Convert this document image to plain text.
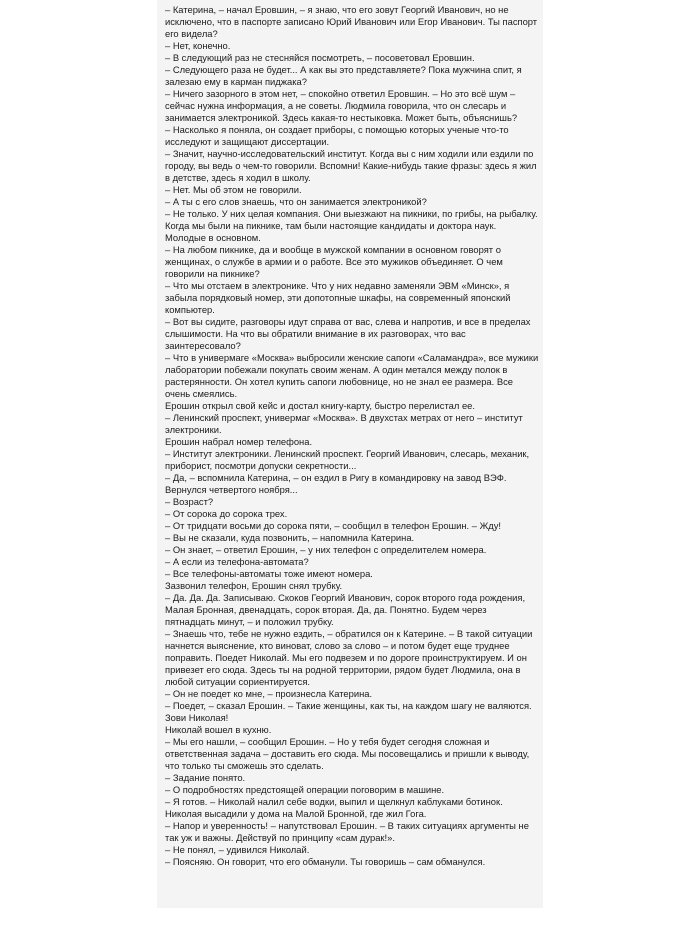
– Катерина, – начал Еровшин, – я знаю, что его зовут Георгий Иванович, но не исключено, что в паспорте записано Юрий Иванович или Егор Иванович. Ты паспорт его видела?

– Нет, конечно.

– В следующий раз не стесняйся посмотреть, – посоветовал Еровшин.

– Следующего раза не будет... А как вы это представляете? Пока мужчина спит, я залезаю ему в карман пиджака?

– Ничего зазорного в этом нет, – спокойно ответил Еровшин. – Но это всё шум – сейчас нужна информация, а не советы. Людмила говорила, что он слесарь и занимается электроникой. Здесь какая-то нестыковка. Может быть, объяснишь?

– Насколько я поняла, он создает приборы, с помощью которых ученые что-то исследуют и защищают диссертации.

– Значит, научно-исследовательский институт. Когда вы с ним ходили или ездили по городу, вы ведь о чем-то говорили. Вспомни! Какие-нибудь такие фразы: здесь я жил в детстве, здесь я ходил в школу.

– Нет. Мы об этом не говорили.

– А ты с его слов знаешь, что он занимается электроникой?

– Не только. У них целая компания. Они выезжают на пикники, по грибы, на рыбалку. Когда мы были на пикнике, там были настоящие кандидаты и доктора наук. Молодые в основном.

– На любом пикнике, да и вообще в мужской компании в основном говорят о женщинах, о службе в армии и о работе. Все это мужиков объединяет. О чем говорили на пикнике?

– Что мы отстаем в электронике. Что у них недавно заменяли ЭВМ «Минск», я забыла порядковый номер, эти допотопные шкафы, на современный японский компьютер.

– Вот вы сидите, разговоры идут справа от вас, слева и напротив, и все в пределах слышимости. На что вы обратили внимание в их разговорах, что вас заинтересовало?

– Что в универмаге «Москва» выбросили женские сапоги «Саламандра», все мужики лаборатории побежали покупать своим женам. А один метался между полок в растерянности. Он хотел купить сапоги любовнице, но не знал ее размера. Все очень смеялись.

Ерошин открыл свой кейс и достал книгу-карту, быстро перелистал ее.

– Ленинский проспект, универмаг «Москва». В двухстах метрах от него – институт электроники.

Ерошин набрал номер телефона.

– Институт электроники. Ленинский проспект. Георгий Иванович, слесарь, механик, приборист, посмотри допуски секретности...

– Да, – вспомнила Катерина, – он ездил в Ригу в командировку на завод ВЭФ. Вернулся четвертого ноября...

– Возраст?

– От сорока до сорока трех.

– От тридцати восьми до сорока пяти, – сообщил в телефон Ерошин. – Жду!

– Вы не сказали, куда позвонить, – напомнила Катерина.

– Он знает, – ответил Ерошин, – у них телефон с определителем номера.

– А если из телефона-автомата?

– Все телефоны-автоматы тоже имеют номера.

Зазвонил телефон, Ерошин снял трубку.

– Да. Да. Да. Записываю. Скоков Георгий Иванович, сорок второго года рождения, Малая Бронная, двенадцать, сорок вторая. Да, да. Понятно. Будем через пятнадцать минут, – и положил трубку.

– Знаешь что, тебе не нужно ездить, – обратился он к Катерине. – В такой ситуации начнется выяснение, кто виноват, слово за слово – и потом будет еще труднее поправить. Поедет Николай. Мы его подвезем и по дороге проинструктируем. И он привезет его сюда. Здесь ты на родной территории, рядом будет Людмила, она в любой ситуации сориентируется.

– Он не поедет ко мне, – произнесла Катерина.

– Поедет, – сказал Ерошин. – Такие женщины, как ты, на каждом шагу не валяются. Зови Николая!

Николай вошел в кухню.

– Мы его нашли, – сообщил Ерошин. – Но у тебя будет сегодня сложная и ответственная задача – доставить его сюда. Мы посовещались и пришли к выводу, что только ты сможешь это сделать.

– Задание понято.

– О подробностях предстоящей операции поговорим в машине.

– Я готов. – Николай налил себе водки, выпил и щелкнул каблуками ботинок.

Николая высадили у дома на Малой Бронной, где жил Гога.

– Напор и уверенность! – напутствовал Ерошин. – В таких ситуациях аргументы не так уж и важны. Действуй по принципу «сам дурак!».

– Не понял, – удивился Николай.

– Поясняю. Он говорит, что его обманули. Ты говоришь – сам обманулся.
